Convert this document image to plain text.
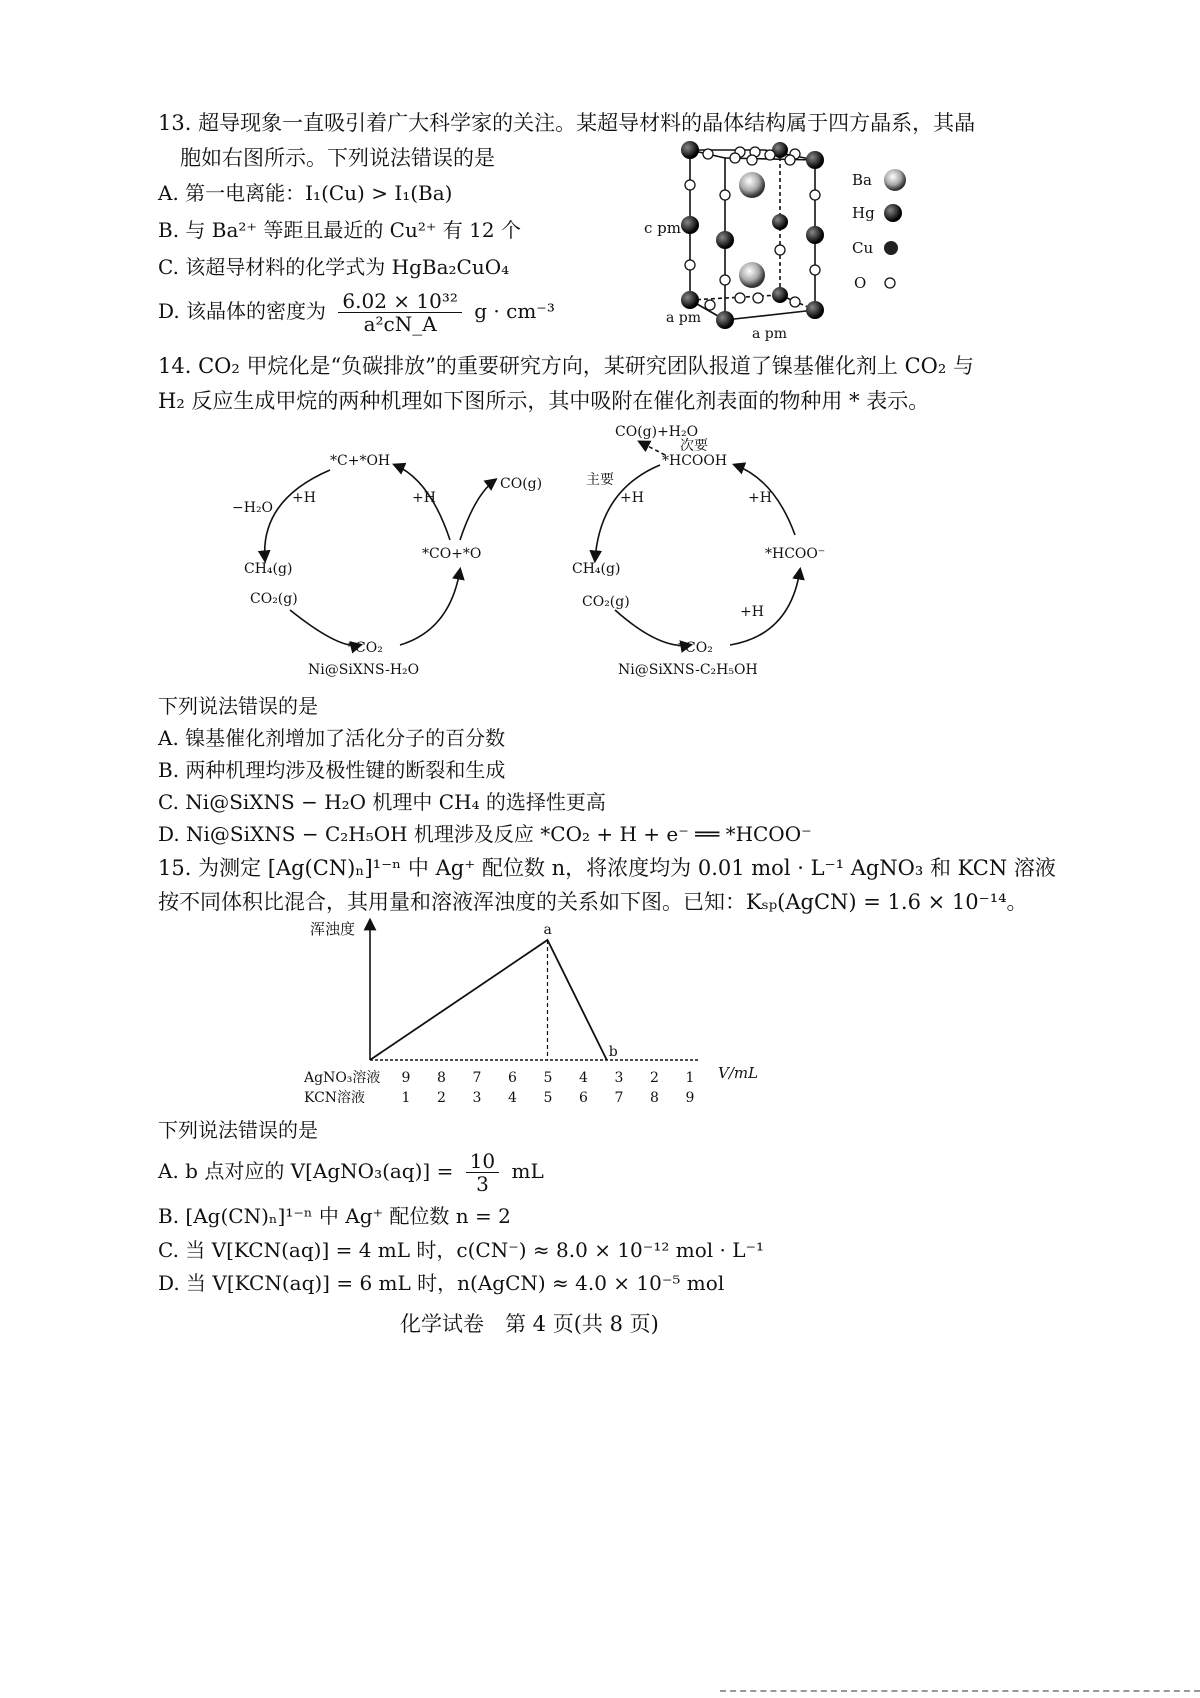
13. 超导现象一直吸引着广大科学家的关注。某超导材料的晶体结构属于四方晶系，其晶
胞如右图所示。下列说法错误的是
A. 第一电离能：I₁(Cu) > I₁(Ba)
B. 与 Ba²⁺ 等距且最近的 Cu²⁺ 有 12 个
C. 该超导材料的化学式为 HgBa₂CuO₄
D. 该晶体的密度为 $\frac{\text{6.02 × 10³²}}{\text{a²cN\_A}}$ g · cm⁻³
Ba
Hg
Cu
O
c pm
a pm
a pm
14. CO₂ 甲烷化是“负碳排放”的重要研究方向，某研究团队报道了镍基催化剂上 CO₂ 与
H₂ 反应生成甲烷的两种机理如下图所示，其中吸附在催化剂表面的物种用 * 表示。
*C+*OH
−H₂O
+H	+H
CO(g)
*CO+*O
CH₄(g)
CO₂(g)
*CO₂
Ni@SiXNS-H₂O
CO(g)+H₂O
次要
*HCOOH
主要
+H	+H
*HCOO⁻
CH₄(g)
CO₂(g)
+H
*CO₂
Ni@SiXNS-C₂H₅OH
下列说法错误的是
A. 镍基催化剂增加了活化分子的百分数
B. 两种机理均涉及极性键的断裂和生成
C. Ni@SiXNS − H₂O 机理中 CH₄ 的选择性更高
D. Ni@SiXNS − C₂H₅OH 机理涉及反应 *CO₂ + H + e⁻ ══ *HCOO⁻
15. 为测定 [Ag(CN)ₙ]¹⁻ⁿ 中 Ag⁺ 配位数 n，将浓度均为 0.01 mol · L⁻¹ AgNO₃ 和 KCN 溶液
按不同体积比混合，其用量和溶液浑浊度的关系如下图。已知：Kₛₚ(AgCN) = 1.6 × 10⁻¹⁴。
浑浊度
V/mL
AgNO₃溶液
KCN溶液
9 8 7 6 5 4 3 2 1
1 2 3 4 5 6 7 8 9
a
b
下列说法错误的是
A. b 点对应的 V[AgNO₃(aq)] = $\frac{10}{3}$ mL
B. [Ag(CN)ₙ]¹⁻ⁿ 中 Ag⁺ 配位数 n = 2
C. 当 V[KCN(aq)] = 4 mL 时，c(CN⁻) ≈ 8.0 × 10⁻¹² mol · L⁻¹
D. 当 V[KCN(aq)] = 6 mL 时，n(AgCN) ≈ 4.0 × 10⁻⁵ mol
化学试卷　第 4 页(共 8 页)
